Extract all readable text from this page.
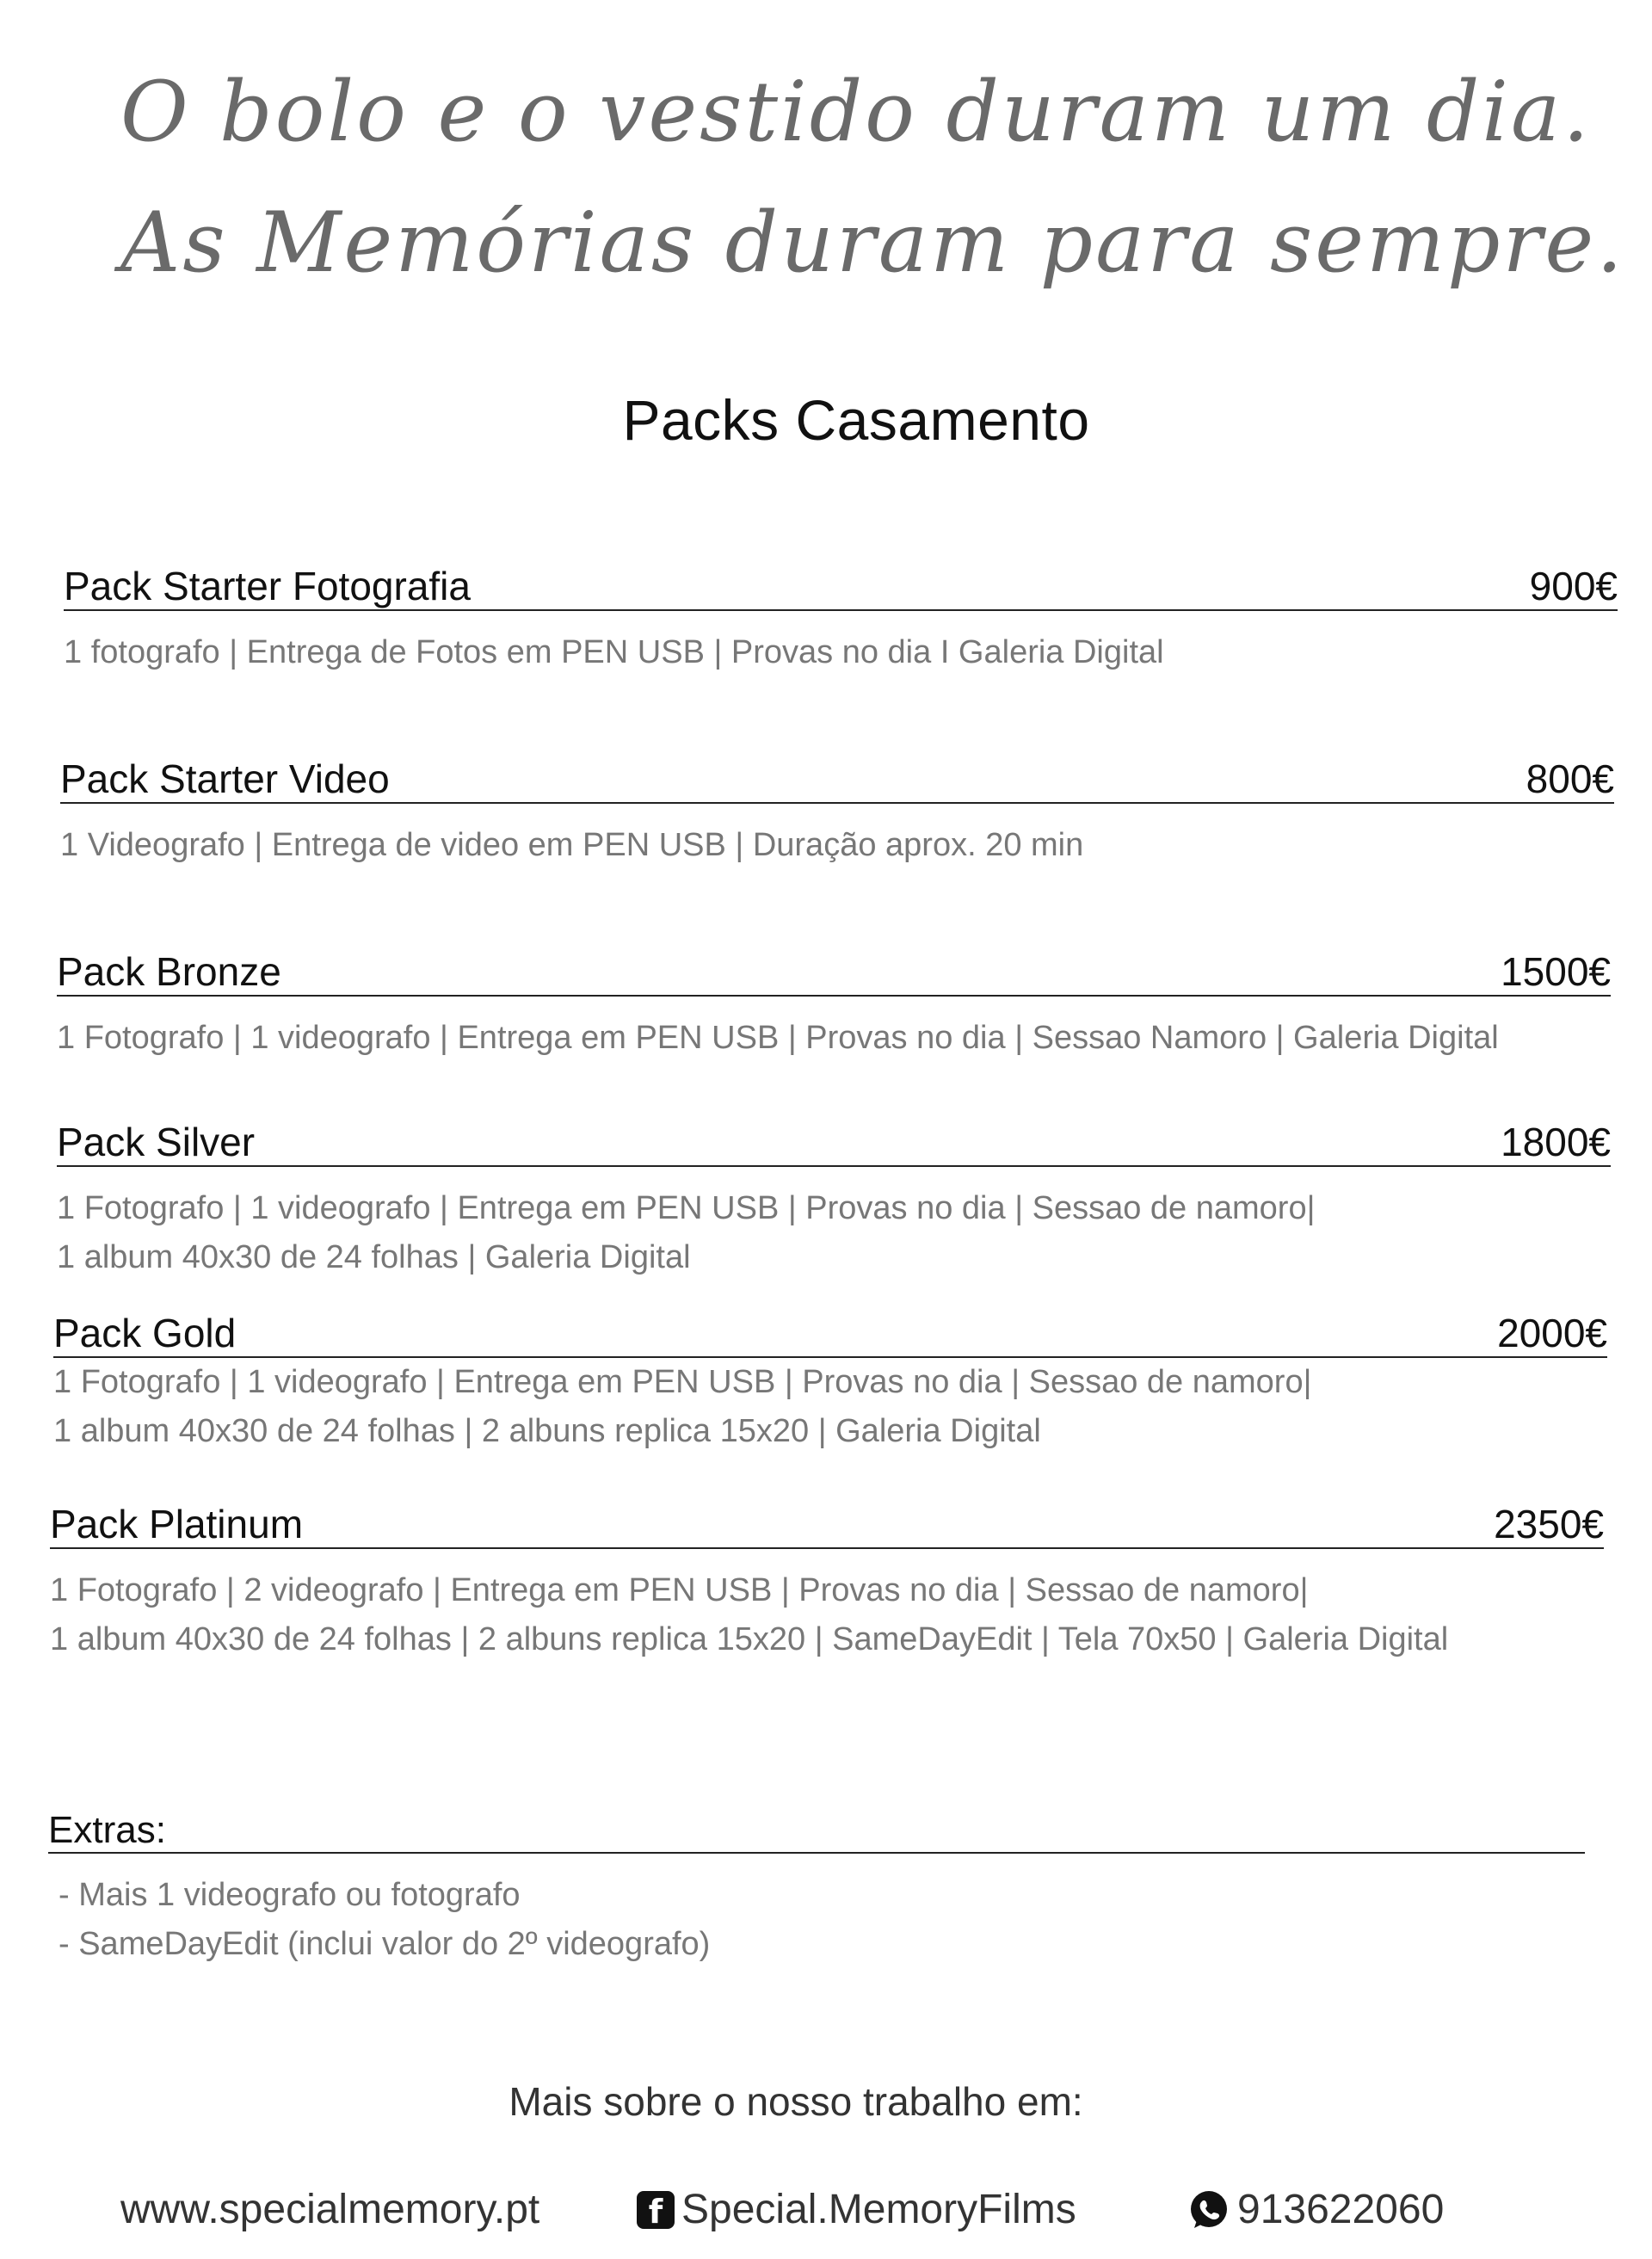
O bolo e o vestido duram um dia.
As Memórias duram para sempre.
Packs Casamento
Pack Starter Fotografia	900€
1 fotografo | Entrega de Fotos em PEN USB | Provas no dia I Galeria Digital
Pack Starter Video	800€
1 Videografo | Entrega de video em PEN USB | Duração aprox. 20 min
Pack Bronze	1500€
1 Fotografo | 1 videografo | Entrega em PEN USB | Provas no dia | Sessao Namoro | Galeria Digital
Pack Silver	1800€
1 Fotografo | 1 videografo | Entrega em PEN USB | Provas no dia | Sessao de namoro|
1 album 40x30 de 24 folhas | Galeria Digital
Pack Gold	2000€
1 Fotografo | 1 videografo | Entrega em PEN USB | Provas no dia | Sessao de namoro|
1 album 40x30 de 24 folhas | 2 albuns replica 15x20 | Galeria Digital
Pack Platinum	2350€
1 Fotografo | 2 videografo | Entrega em PEN USB | Provas no dia | Sessao de namoro|
1 album 40x30 de 24 folhas | 2 albuns replica 15x20 | SameDayEdit | Tela 70x50 | Galeria Digital
Extras:
- Mais 1 videografo ou fotografo
- SameDayEdit (inclui valor do 2º videografo)
Mais sobre o nosso trabalho em:
www.specialmemory.pt	f Special.MemoryFilms	913622060
